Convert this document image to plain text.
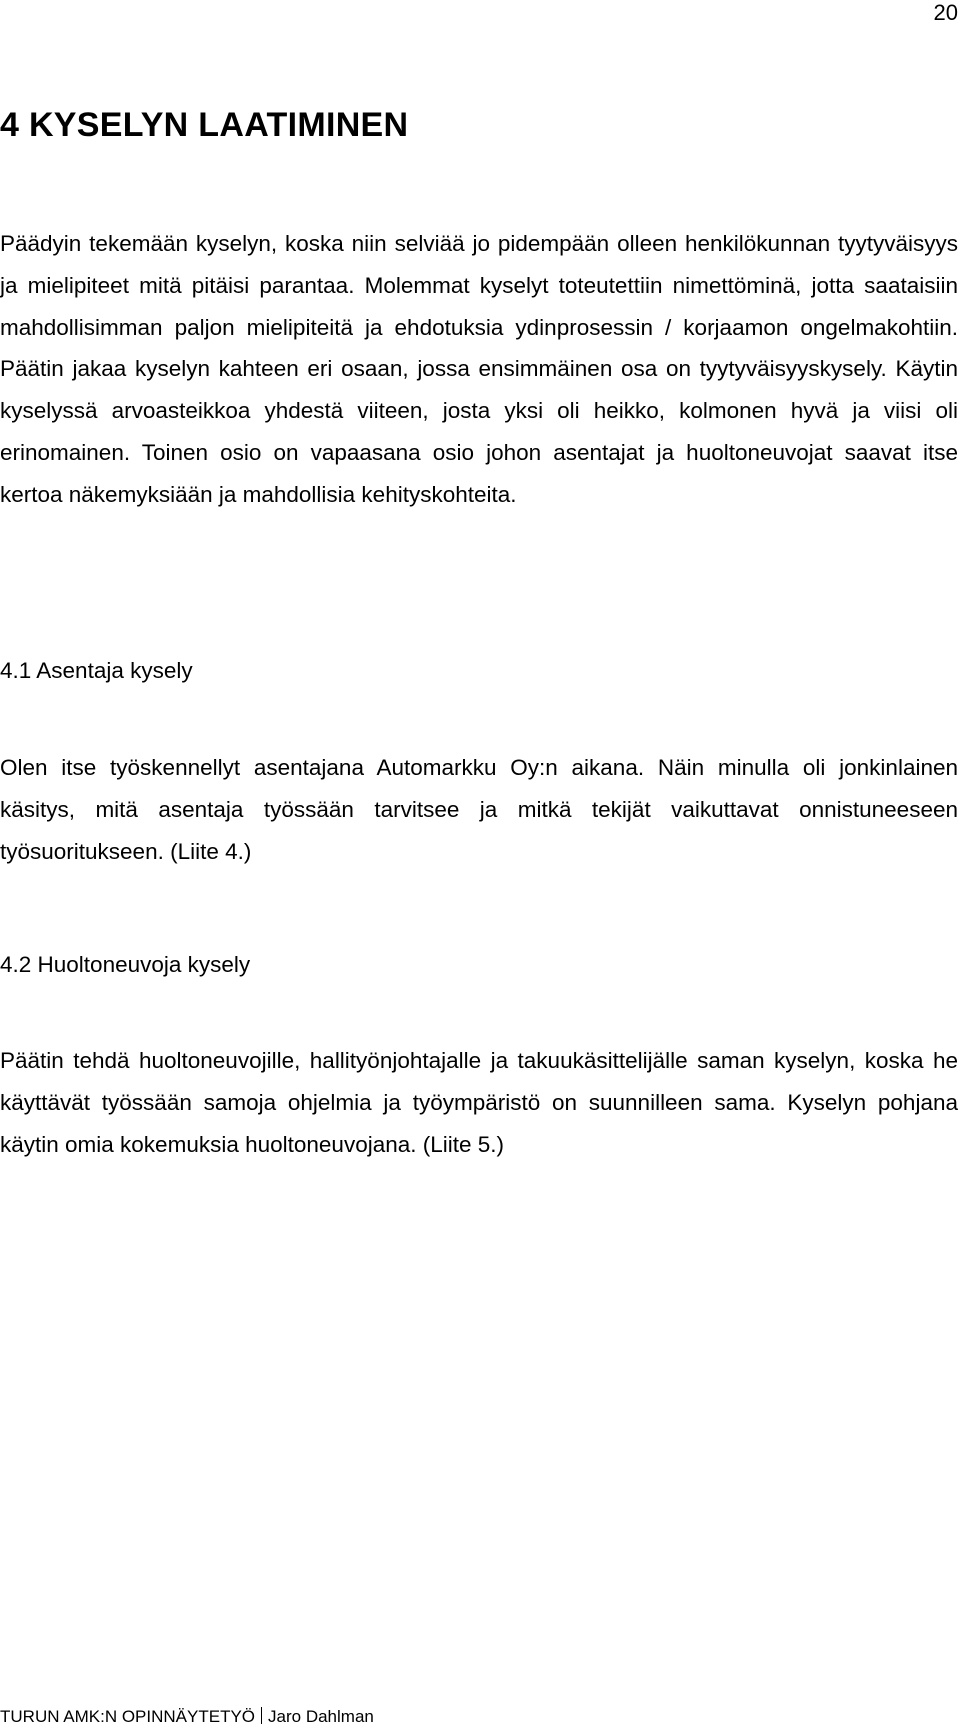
20
4 KYSELYN LAATIMINEN

Päädyin tekemään kyselyn, koska niin selviää jo pidempään olleen henkilökunnan tyytyväisyys ja mielipiteet mitä pitäisi parantaa. Molemmat kyselyt toteutettiin nimettöminä, jotta saataisiin mahdollisimman paljon mielipiteitä ja ehdotuksia ydinprosessin / korjaamon ongelmakohtiin. Päätin jakaa kyselyn kahteen eri osaan, jossa ensimmäinen osa on tyytyväisyyskysely. Käytin kyselyssä arvoasteikkoa yhdestä viiteen, josta yksi oli heikko, kolmonen hyvä ja viisi oli erinomainen. Toinen osio on vapaasana osio johon asentajat ja huoltoneuvojat saavat itse kertoa näkemyksiään ja mahdollisia kehityskohteita.

4.1 Asentaja kysely

Olen itse työskennellyt asentajana Automarkku Oy:n aikana. Näin minulla oli jonkinlainen käsitys, mitä asentaja työssään tarvitsee ja mitkä tekijät vaikuttavat onnistuneeseen työsuoritukseen. (Liite 4.)

4.2 Huoltoneuvoja kysely

Päätin tehdä huoltoneuvojille, hallityönjohtajalle ja takuukäsittelijälle saman kyselyn, koska he käyttävät työssään samoja ohjelmia ja työympäristö on suunnilleen sama. Kyselyn pohjana käytin omia kokemuksia huoltoneuvojana. (Liite 5.)

TURUN AMK:N OPINNÄYTETYÖ Jaro Dahlman
